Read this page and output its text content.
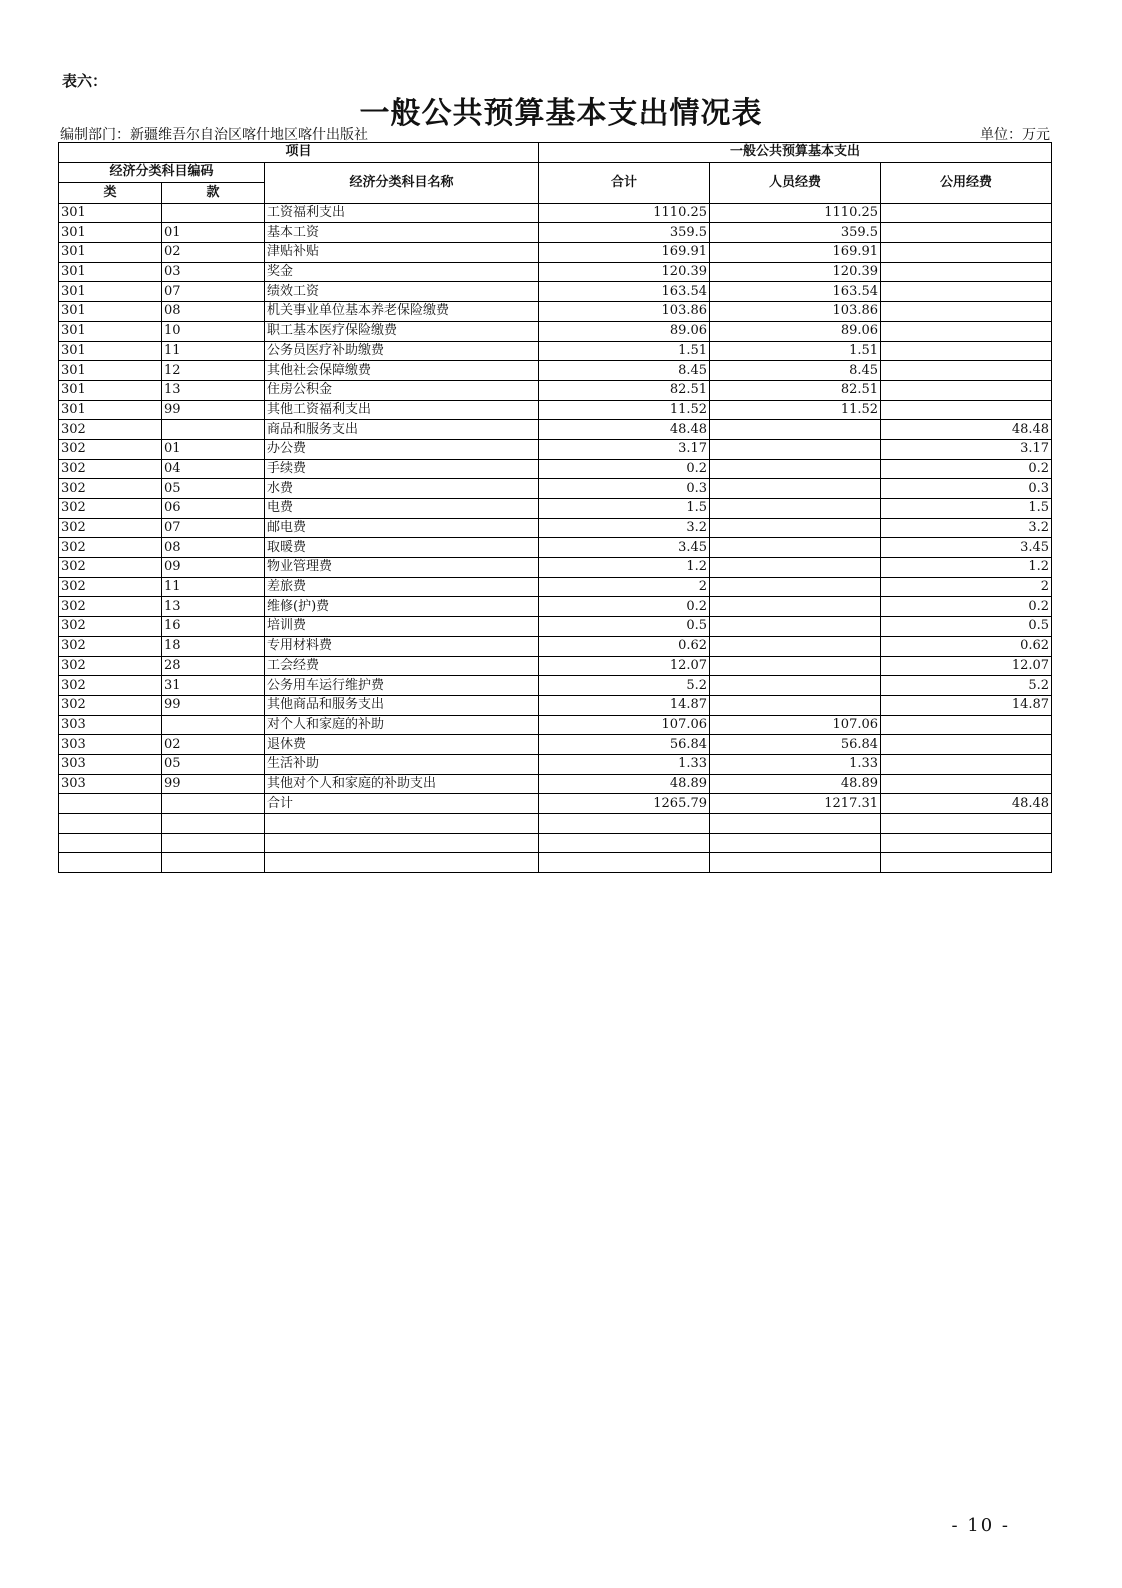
表六：
一般公共预算基本支出情况表
编制部门：新疆维吾尔自治区喀什地区喀什出版社	单位：万元
项目			一般公共预算基本支出		
经济分类科目编码		经济分类科目名称	合计	人员经费	公用经费
类	款				
301		工资福利支出	1110.25	1110.25	
301	01	基本工资	359.5	359.5	
301	02	津贴补贴	169.91	169.91	
301	03	奖金	120.39	120.39	
301	07	绩效工资	163.54	163.54	
301	08	机关事业单位基本养老保险缴费	103.86	103.86	
301	10	职工基本医疗保险缴费	89.06	89.06	
301	11	公务员医疗补助缴费	1.51	1.51	
301	12	其他社会保障缴费	8.45	8.45	
301	13	住房公积金	82.51	82.51	
301	99	其他工资福利支出	11.52	11.52	
302		商品和服务支出	48.48		48.48
302	01	办公费	3.17		3.17
302	04	手续费	0.2		0.2
302	05	水费	0.3		0.3
302	06	电费	1.5		1.5
302	07	邮电费	3.2		3.2
302	08	取暖费	3.45		3.45
302	09	物业管理费	1.2		1.2
302	11	差旅费	2		2
302	13	维修(护)费	0.2		0.2
302	16	培训费	0.5		0.5
302	18	专用材料费	0.62		0.62
302	28	工会经费	12.07		12.07
302	31	公务用车运行维护费	5.2		5.2
302	99	其他商品和服务支出	14.87		14.87
303		对个人和家庭的补助	107.06	107.06	
303	02	退休费	56.84	56.84	
303	05	生活补助	1.33	1.33	
303	99	其他对个人和家庭的补助支出	48.89	48.89	
		合计	1265.79	1217.31	48.48

- 10 -
